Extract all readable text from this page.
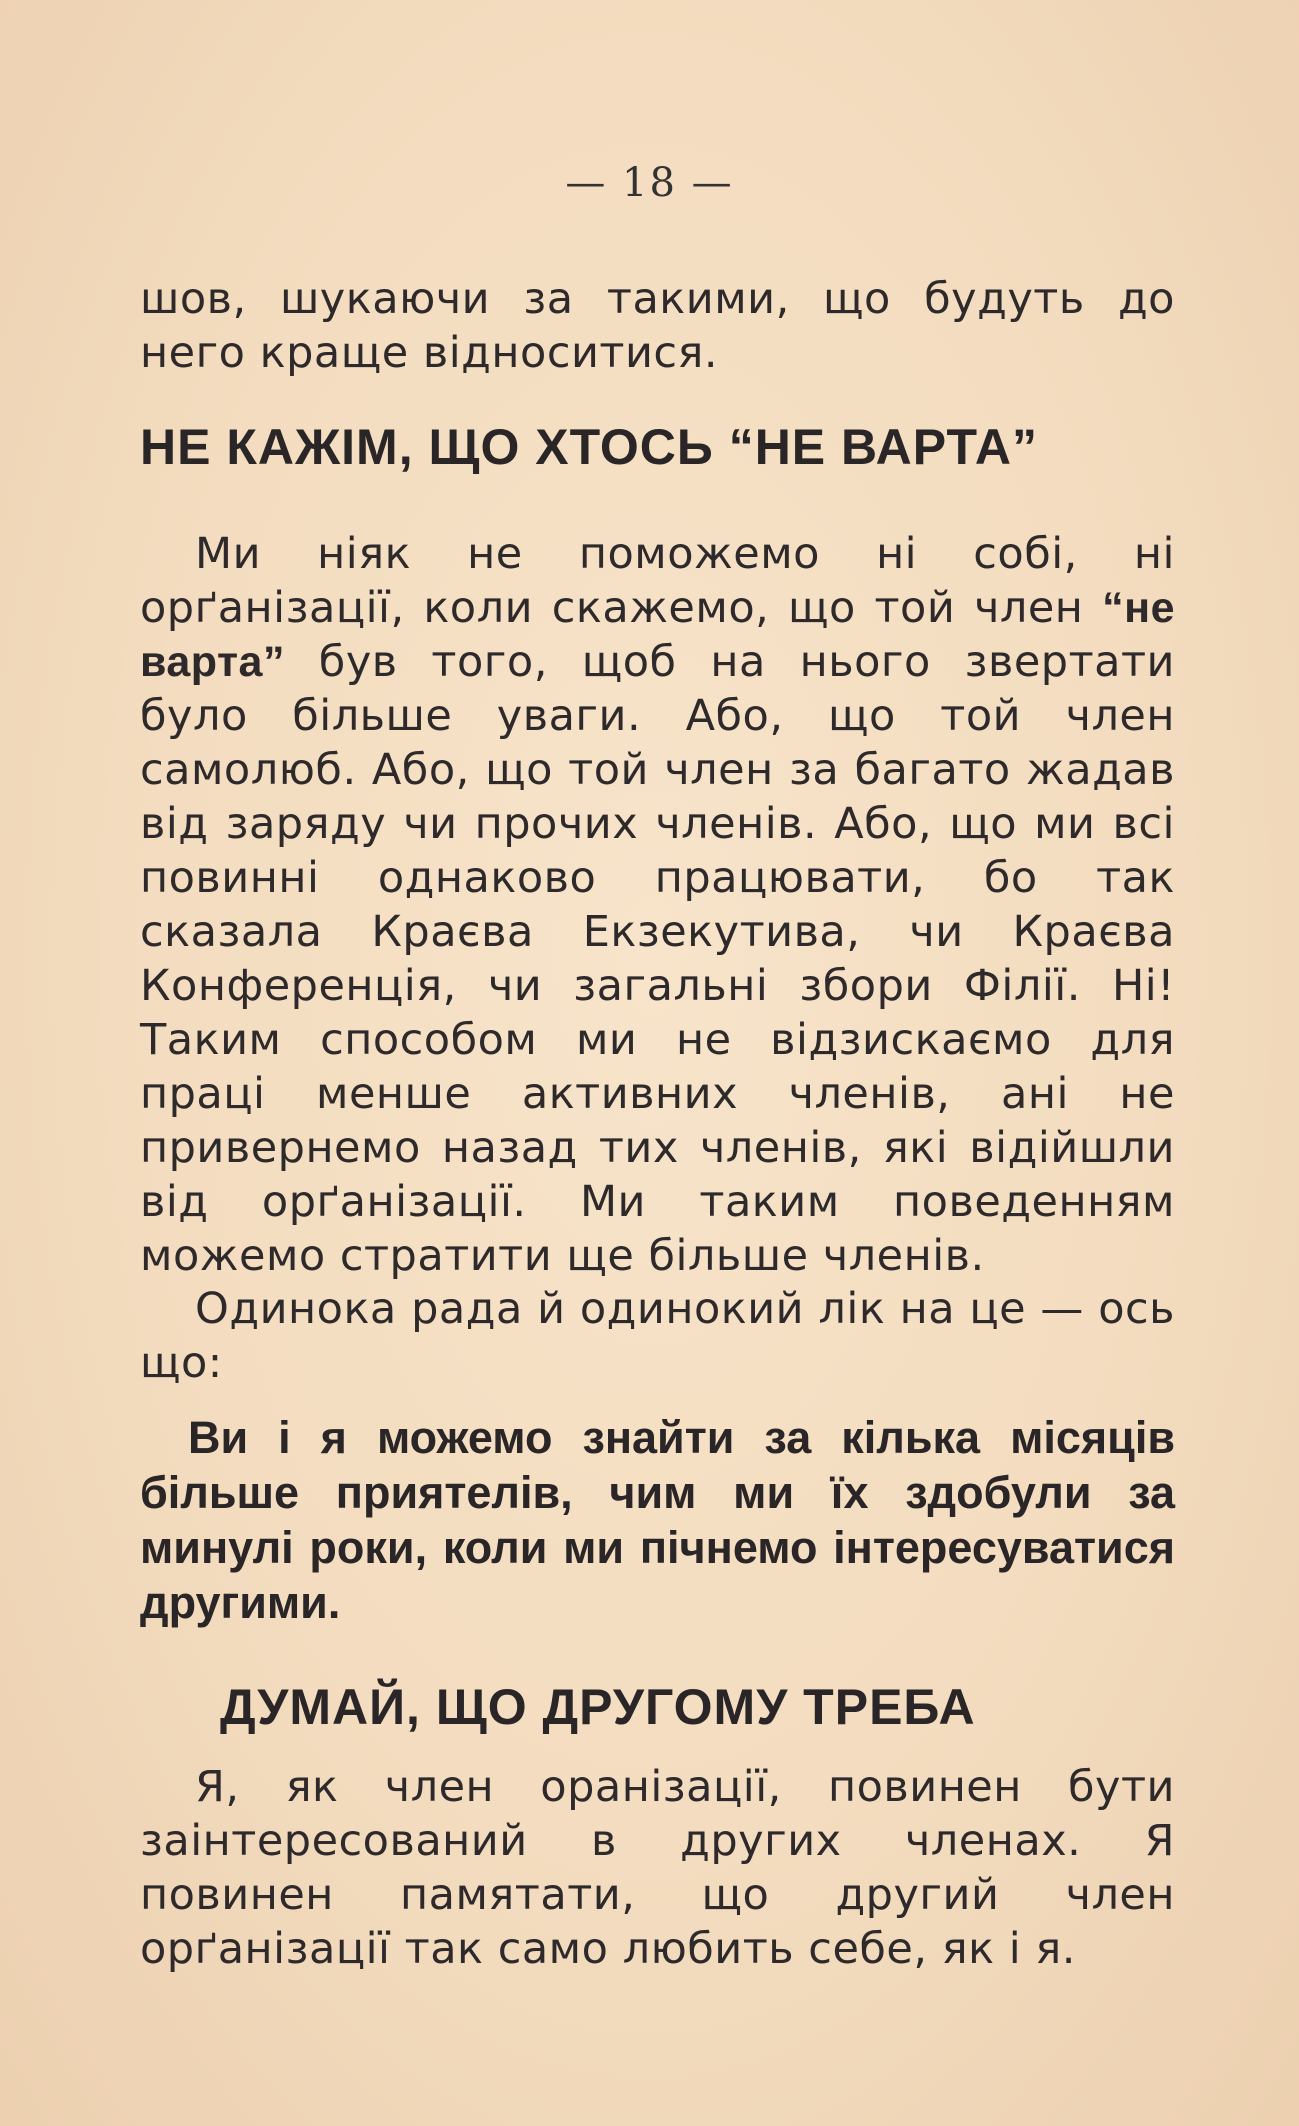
— 18 —

шов, шукаючи за такими, що будуть до него краще відноситися.

НЕ КАЖІМ, ЩО ХТОСЬ “НЕ ВАРТА”

Ми ніяк не поможемо ні собі, ні орґанізації, коли скажемо, що той член “не варта” був того, щоб на нього звертати було більше уваги. Або, що той член самолюб. Або, що той член за багато жадав від заряду чи прочих членів. Або, що ми всі повинні однаково працювати, бо так сказала Краєва Екзекутива, чи Краєва Конференція, чи загальні збори Філії. Ні! Таким способом ми не відзискаємо для праці менше активних членів, ані не привернемо назад тих членів, які відійшли від орґанізації. Ми таким поведенням можемо стратити ще більше членів.

Одинока рада й одинокий лік на це — ось що:

Ви і я можемо знайти за кілька місяців більше приятелів, чим ми їх здобули за минулі роки, коли ми пічнемо інтересуватися другими.

ДУМАЙ, ЩО ДРУГОМУ ТРЕБА

Я, як член оранізації, повинен бути заінтересований в других членах. Я повинен памятати, що другий член орґанізації так само любить себе, як і я.
